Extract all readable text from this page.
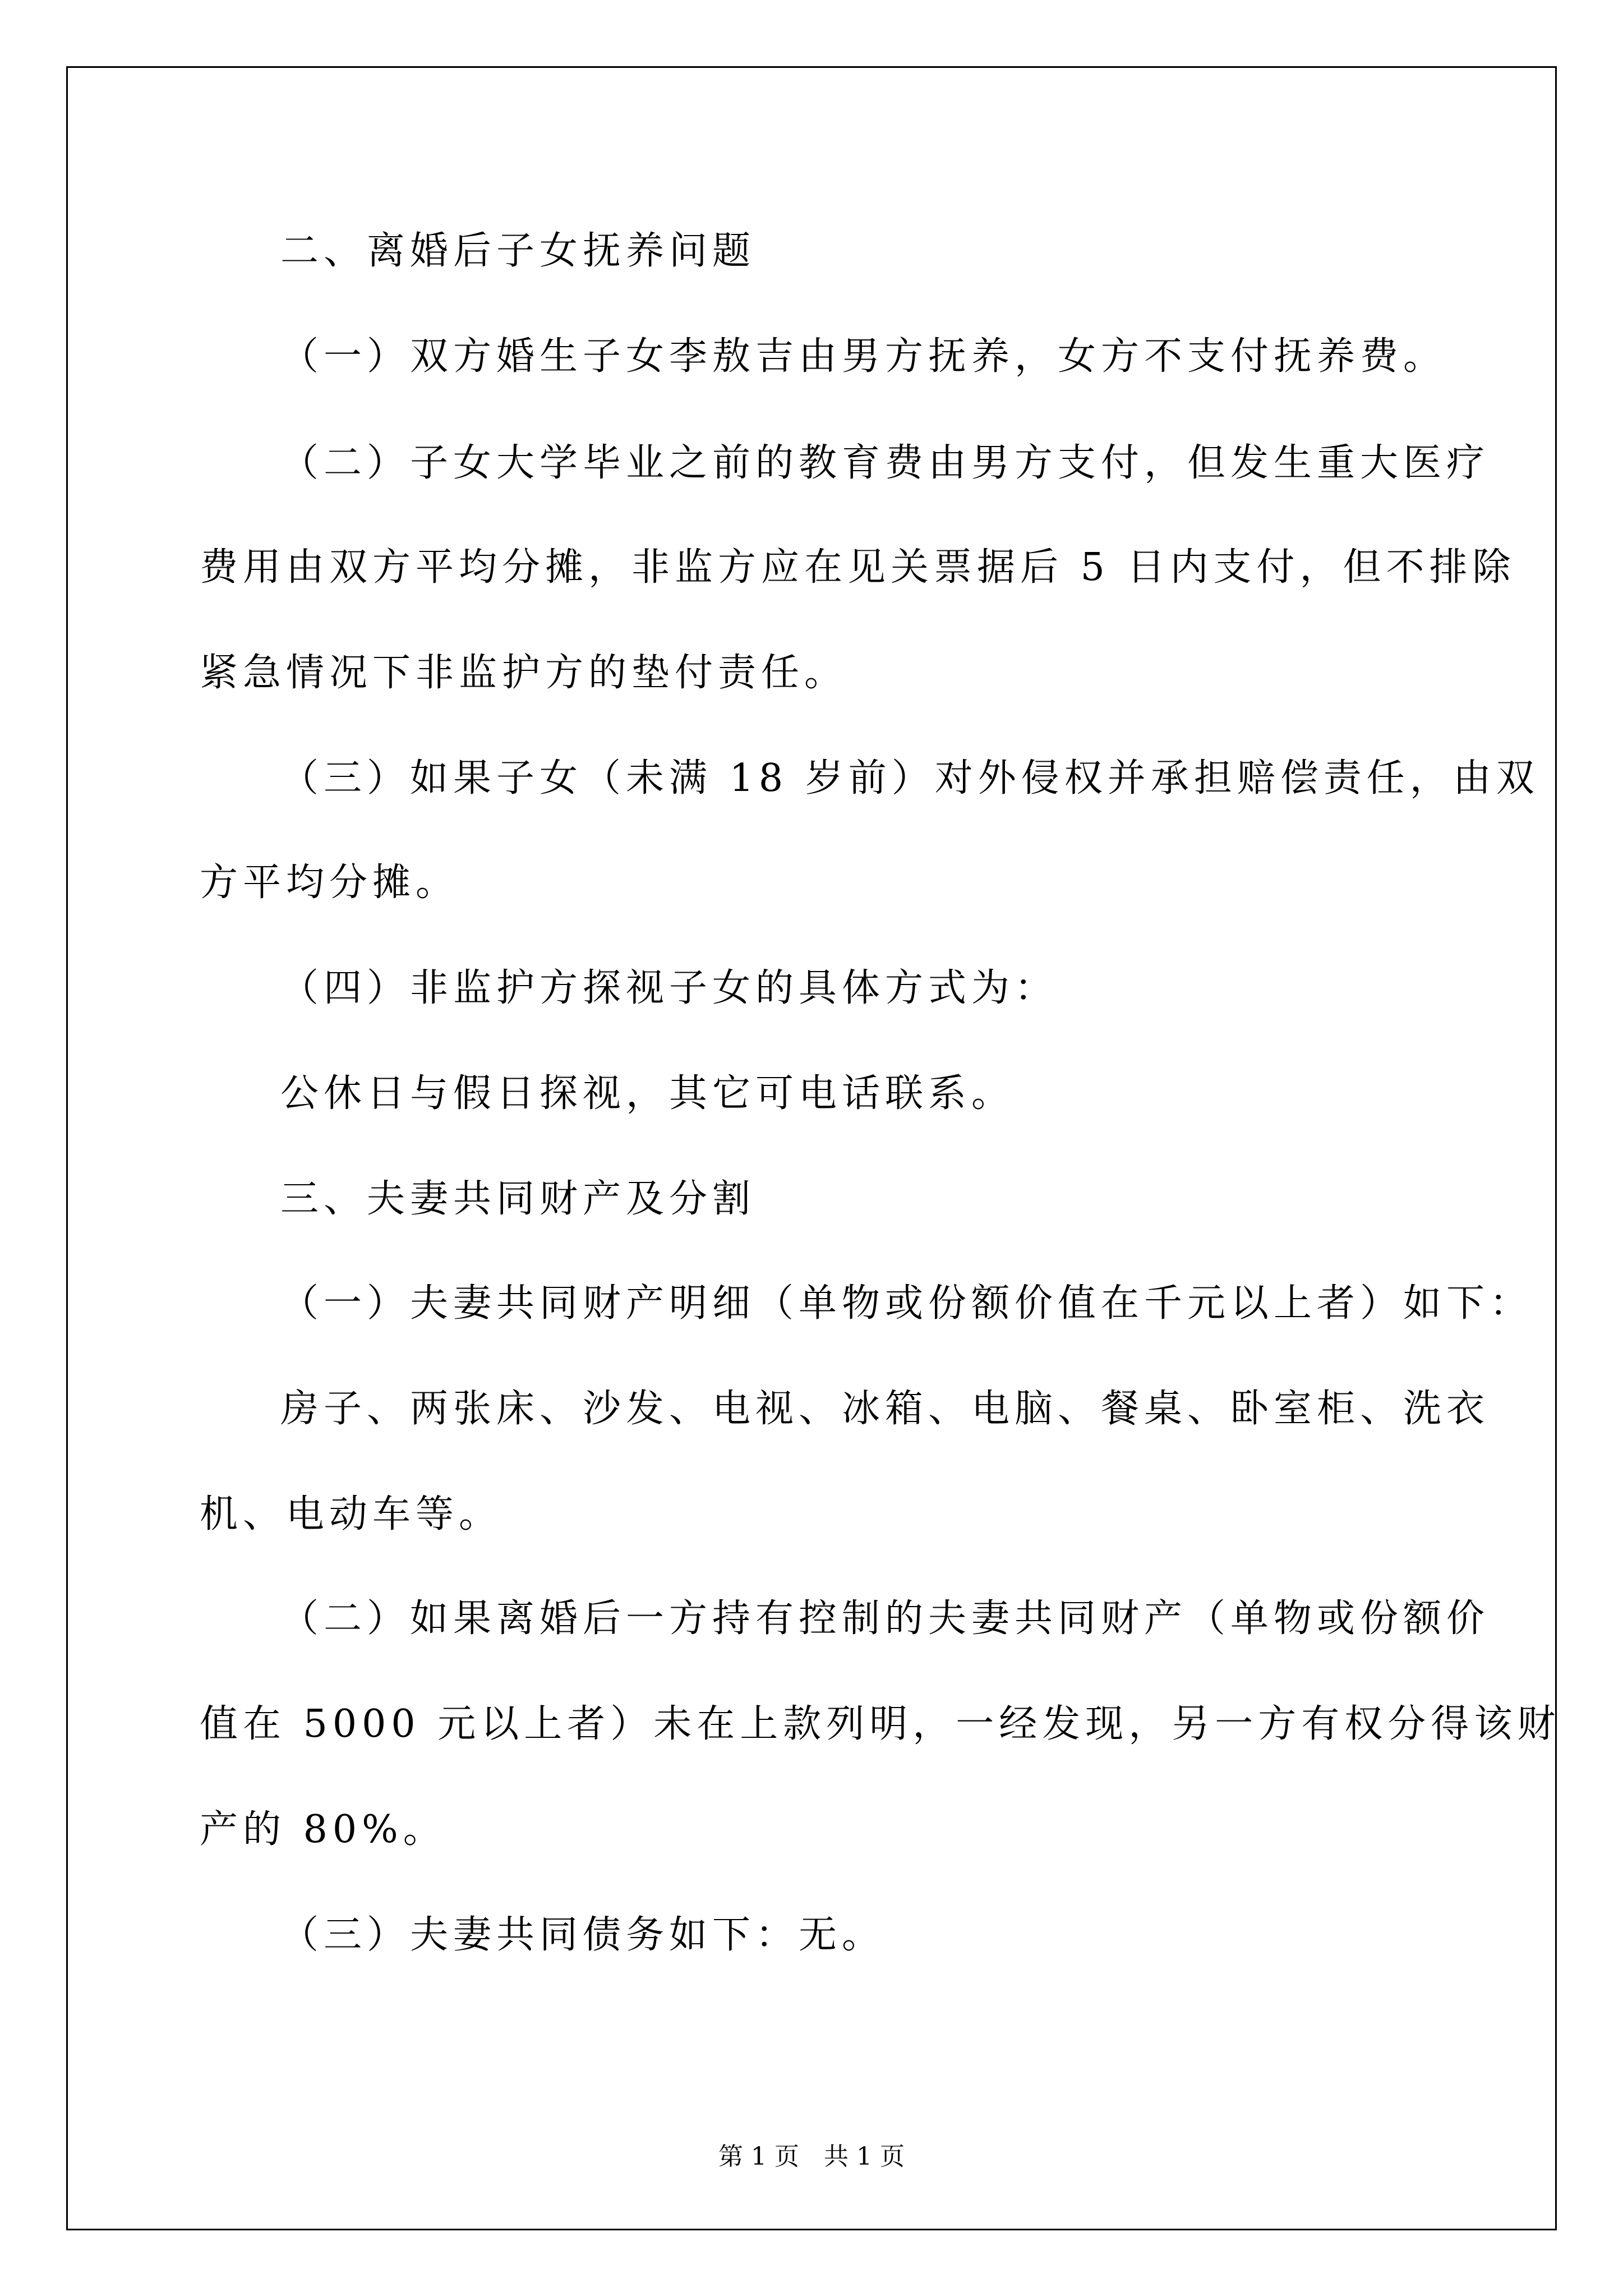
二、离婚后子女抚养问题
（一）双方婚生子女李敖吉由男方抚养，女方不支付抚养费。
（二）子女大学毕业之前的教育费由男方支付，但发生重大医疗
费用由双方平均分摊，非监方应在见关票据后 5 日内支付，但不排除
紧急情况下非监护方的垫付责任。
（三）如果子女（未满 18 岁前）对外侵权并承担赔偿责任，由双
方平均分摊。
（四）非监护方探视子女的具体方式为：
公休日与假日探视，其它可电话联系。
三、夫妻共同财产及分割
（一）夫妻共同财产明细（单物或份额价值在千元以上者）如下：
房子、两张床、沙发、电视、冰箱、电脑、餐桌、卧室柜、洗衣
机、电动车等。
（二）如果离婚后一方持有控制的夫妻共同财产（单物或份额价
值在 5000 元以上者）未在上款列明，一经发现，另一方有权分得该财
产的 80%。
（三）夫妻共同债务如下：无。
第 1 页　共 1 页
